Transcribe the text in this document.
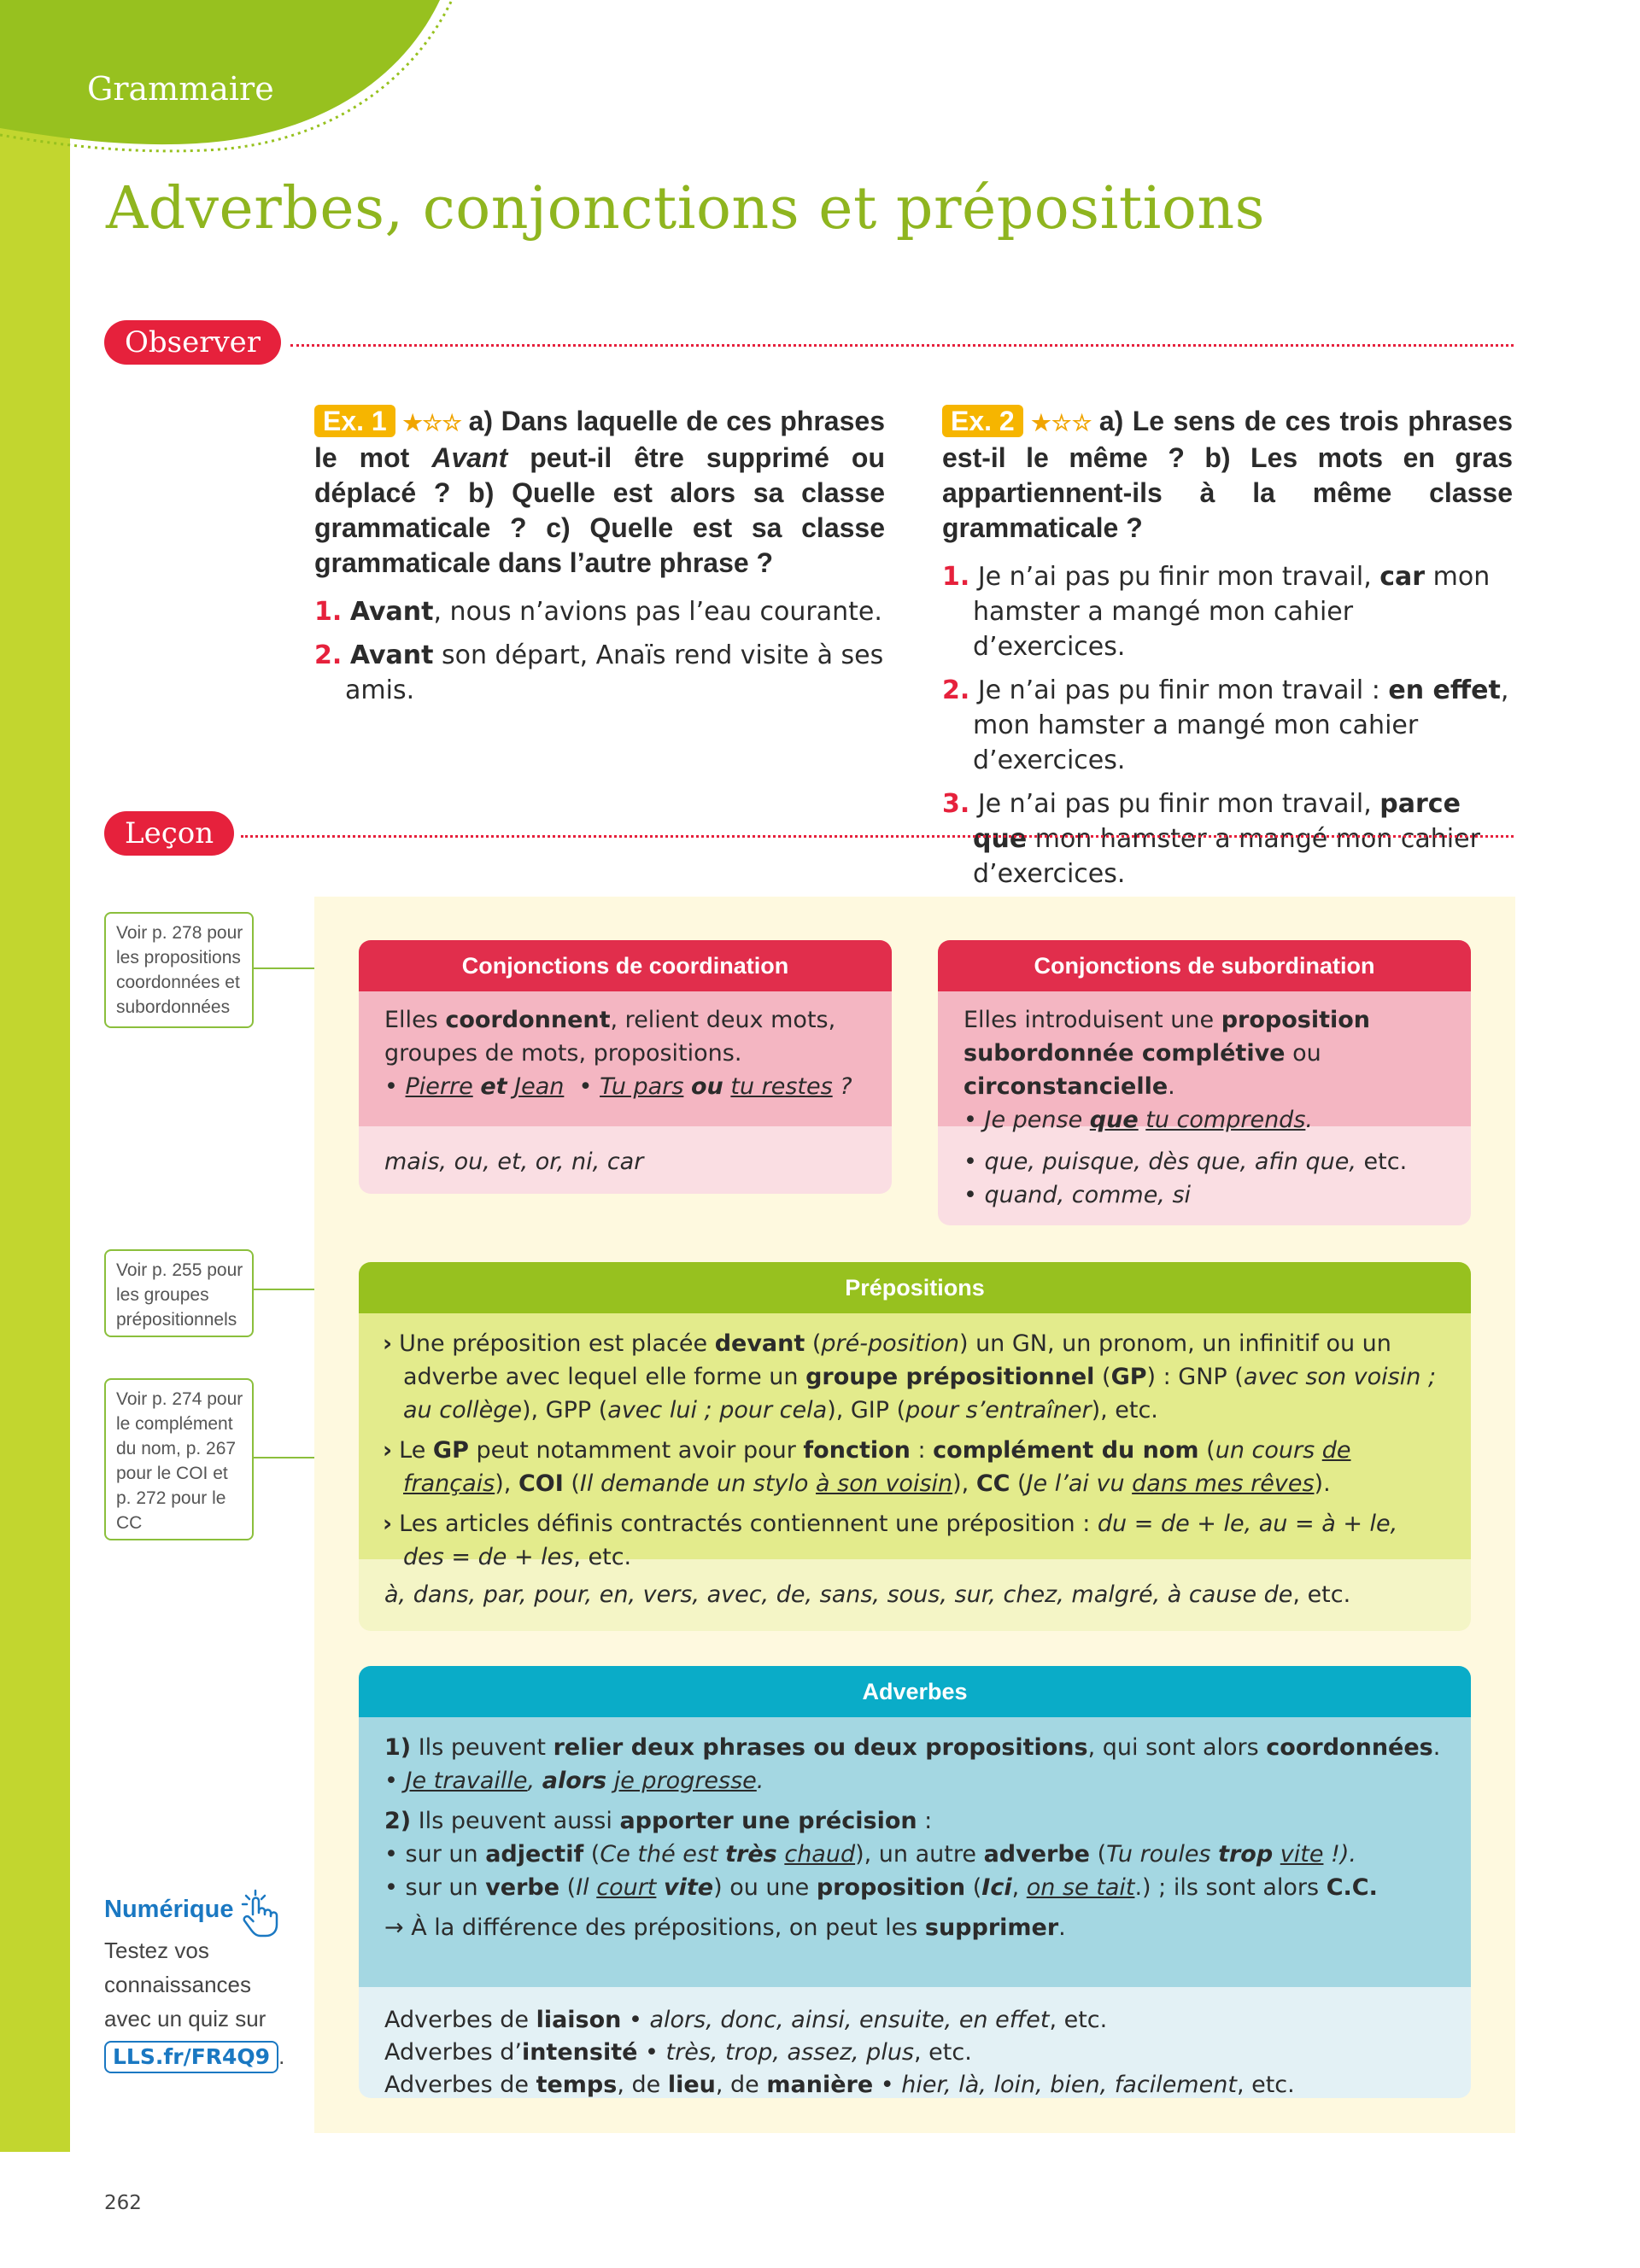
Grammaire
Adverbes, conjonctions et prépositions
Observer
Ex. 1 ★☆☆ a) Dans laquelle de ces phrases le mot Avant peut-il être supprimé ou déplacé ? b) Quelle est alors sa classe grammaticale ? c) Quelle est sa classe grammaticale dans l’autre phrase ?
1. Avant, nous n’avions pas l’eau courante.
2. Avant son départ, Anaïs rend visite à ses amis.
Ex. 2 ★☆☆ a) Le sens de ces trois phrases est-il le même ? b) Les mots en gras appartiennent-ils à la même classe grammaticale ?
1. Je n’ai pas pu finir mon travail, car mon hamster a mangé mon cahier d’exercices.
2. Je n’ai pas pu finir mon travail : en effet, mon hamster a mangé mon cahier d’exercices.
3. Je n’ai pas pu finir mon travail, parce que mon hamster a mangé mon cahier d’exercices.
Leçon
Voir p. 278 pour les propositions coordonnées et subordonnées
Voir p. 255 pour les groupes prépositionnels
Voir p. 274 pour le complément du nom, p. 267 pour le COI et p. 272 pour le CC
Conjonctions de coordination
Elles coordonnent, relient deux mots, groupes de mots, propositions.
• Pierre et Jean  • Tu pars ou tu restes ?
mais, ou, et, or, ni, car
Conjonctions de subordination
Elles introduisent une proposition subordonnée complétive ou circonstancielle.
• Je pense que tu comprends.
• que, puisque, dès que, afin que, etc.
• quand, comme, si
Prépositions
› Une préposition est placée devant (pré-position) un GN, un pronom, un infinitif ou un adverbe avec lequel elle forme un groupe prépositionnel (GP) : GNP (avec son voisin ; au collège), GPP (avec lui ; pour cela), GIP (pour s’entraîner), etc.
› Le GP peut notamment avoir pour fonction : complément du nom (un cours de français), COI (Il demande un stylo à son voisin), CC (Je l’ai vu dans mes rêves).
› Les articles définis contractés contiennent une préposition : du = de + le, au = à + le, des = de + les, etc.
à, dans, par, pour, en, vers, avec, de, sans, sous, sur, chez, malgré, à cause de, etc.
Adverbes
1) Ils peuvent relier deux phrases ou deux propositions, qui sont alors coordonnées.
• Je travaille, alors je progresse.
2) Ils peuvent aussi apporter une précision :
• sur un adjectif (Ce thé est très chaud), un autre adverbe (Tu roules trop vite !).
• sur un verbe (Il court vite) ou une proposition (Ici, on se tait.) ; ils sont alors C.C.
→ À la différence des prépositions, on peut les supprimer.
Adverbes de liaison • alors, donc, ainsi, ensuite, en effet, etc.
Adverbes d’intensité • très, trop, assez, plus, etc.
Adverbes de temps, de lieu, de manière • hier, là, loin, bien, facilement, etc.
Numérique
Testez vos connaissances avec un quiz sur
LLS.fr/FR4Q9 .
262
